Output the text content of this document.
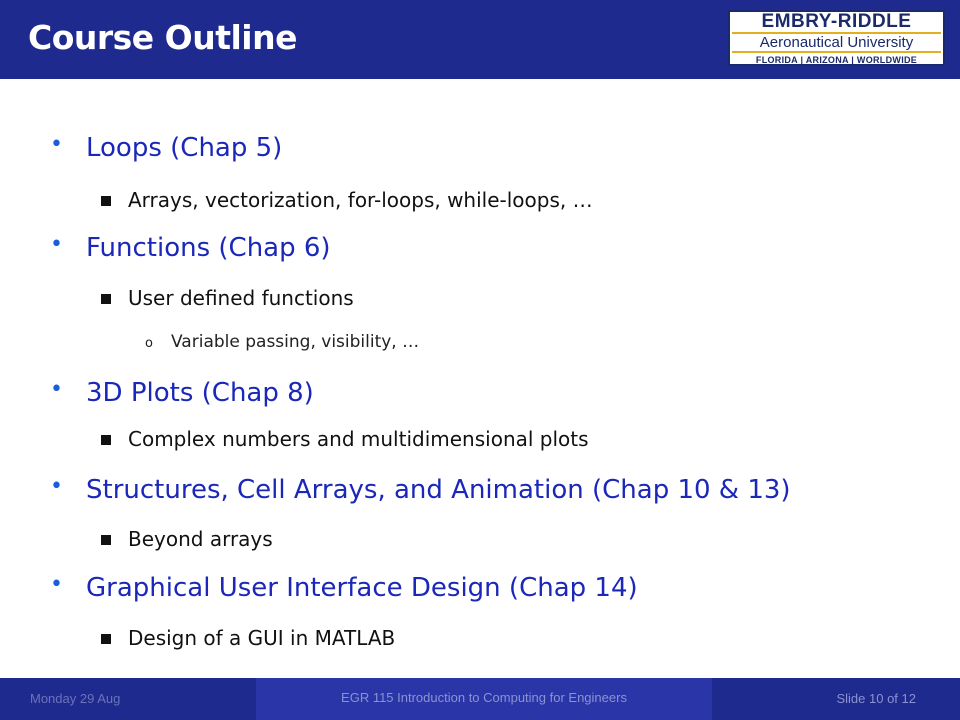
Course Outline	EMBRY-RIDDLE
Aeronautical University
FLORIDA | ARIZONA | WORLDWIDE
• Loops (Chap 5)
Arrays, vectorization, for-loops, while-loops, …
• Functions (Chap 6)
User defined functions
o Variable passing, visibility, …
• 3D Plots (Chap 8)
Complex numbers and multidimensional plots
• Structures, Cell Arrays, and Animation (Chap 10 & 13)
Beyond arrays
• Graphical User Interface Design (Chap 14)
Design of a GUI in MATLAB
Monday 29 Aug	EGR 115 Introduction to Computing for Engineers	Slide 10 of 12
